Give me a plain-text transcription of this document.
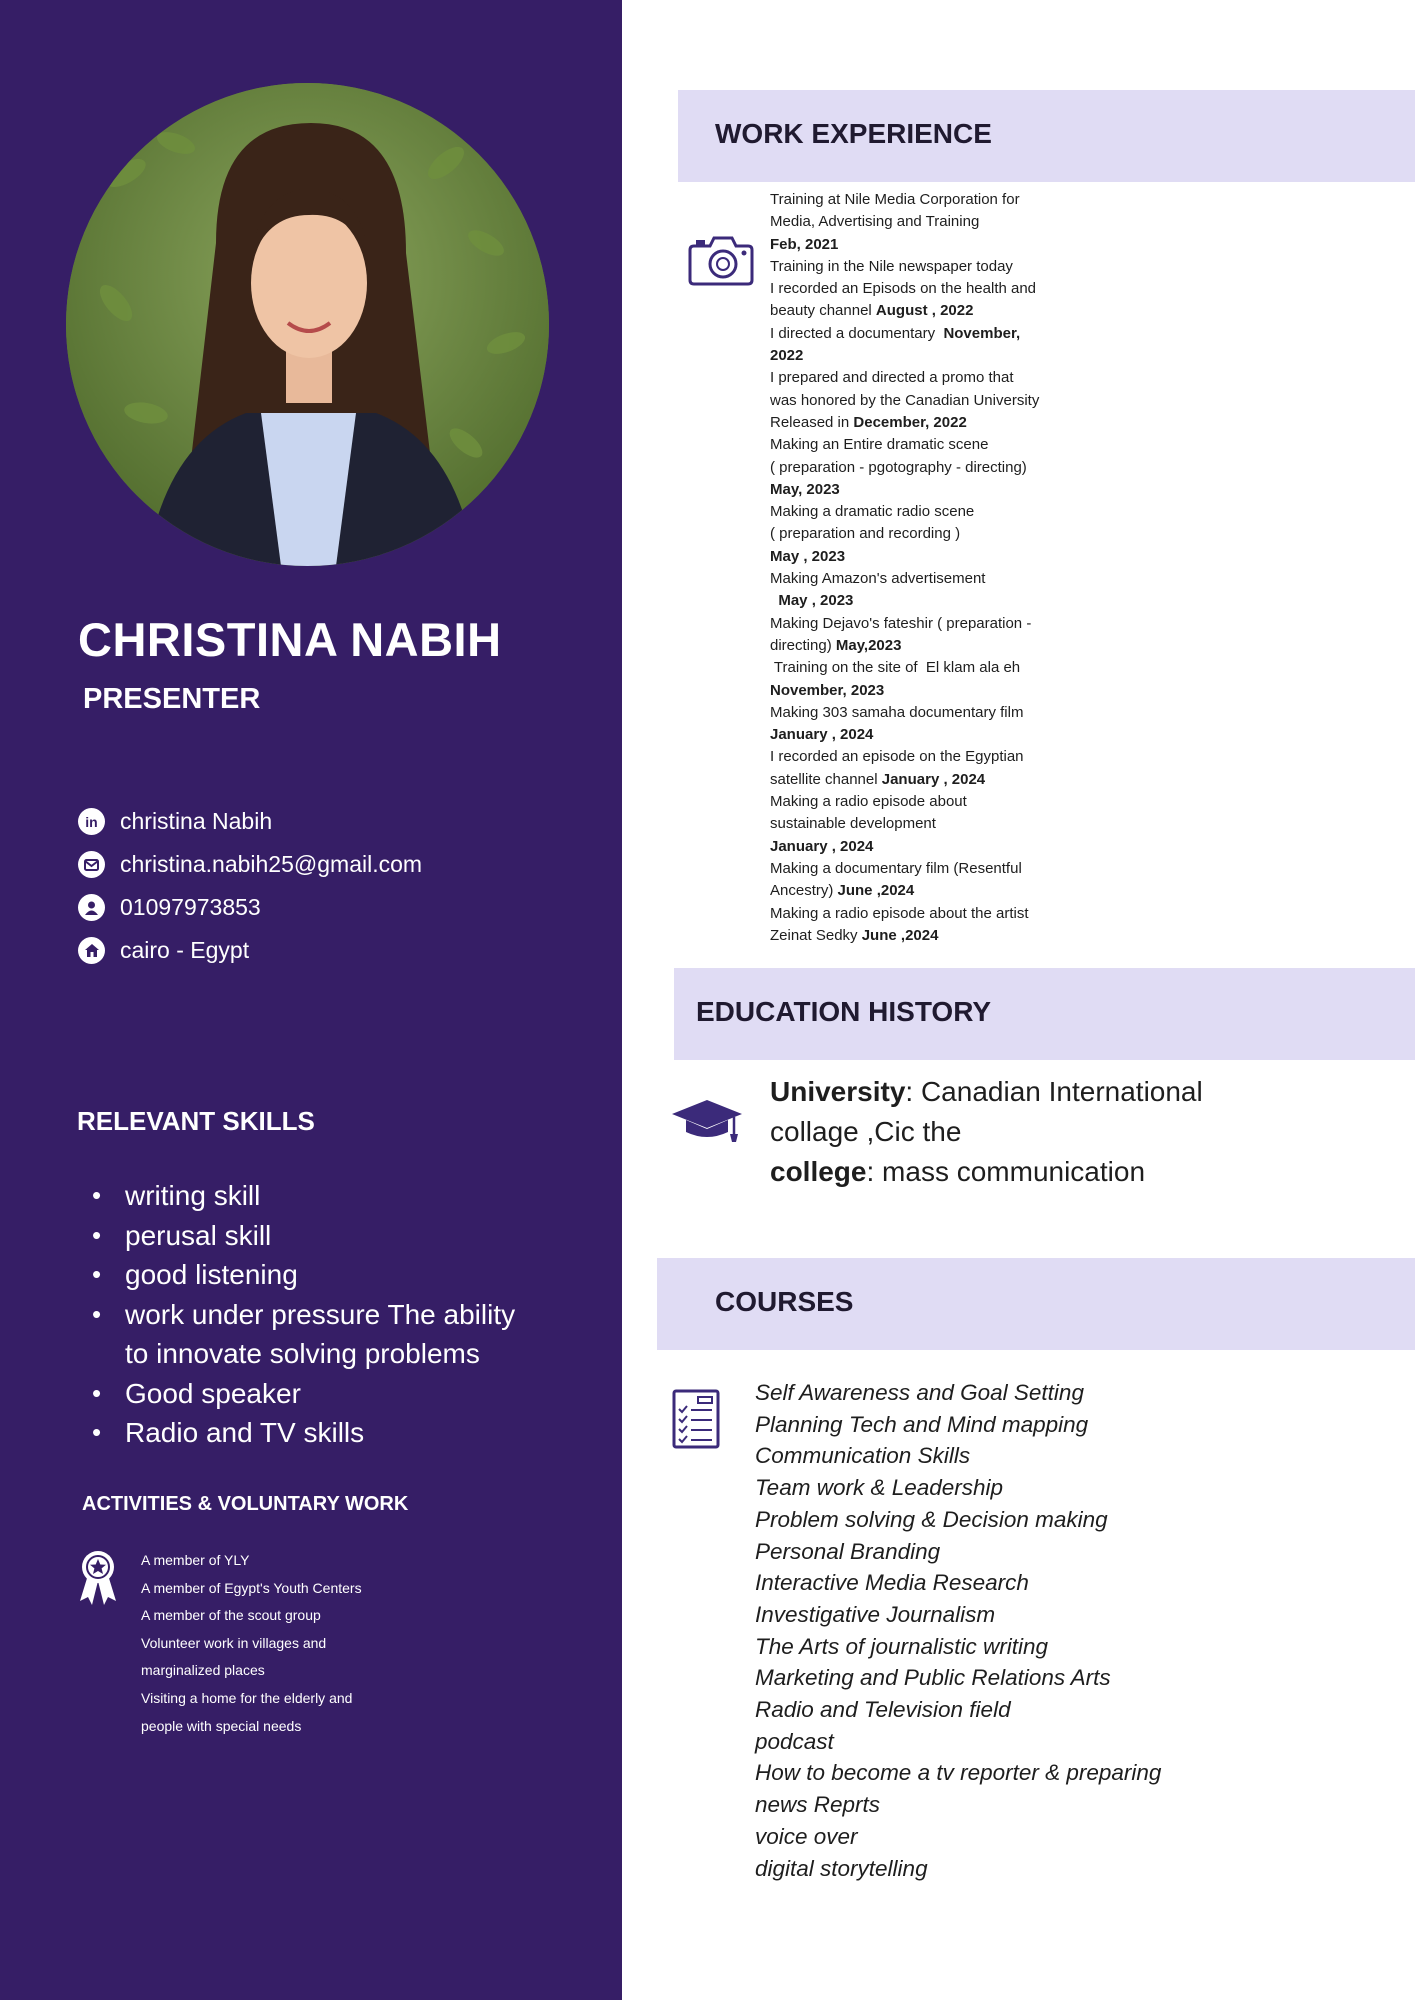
CHRISTINA NABIH
PRESENTER
in christina Nabih
christina.nabih25@gmail.com
01097973853
cairo - Egypt
RELEVANT SKILLS
• writing skill
• perusal skill
• good listening
• work under pressure The ability
to innovate solving problems
• Good speaker
• Radio and TV skills
ACTIVITIES & VOLUNTARY WORK
A member of YLY
A member of Egypt's Youth Centers
A member of the scout group
Volunteer work in villages and
marginalized places
Visiting a home for the elderly and
people with special needs
WORK EXPERIENCE
Training at Nile Media Corporation for
Media, Advertising and Training
Feb, 2021
Training in the Nile newspaper today
I recorded an Episods on the health and
beauty channel August , 2022
I directed a documentary  November,
2022
I prepared and directed a promo that
was honored by the Canadian University
Released in December, 2022
Making an Entire dramatic scene
( preparation - pgotography - directing)
May, 2023
Making a dramatic radio scene
( preparation and recording )
May , 2023
Making Amazon's advertisement
May , 2023
Making Dejavo's fateshir ( preparation -
directing) May,2023
Training on the site of  El klam ala eh
November, 2023
Making 303 samaha documentary film
January , 2024
I recorded an episode on the Egyptian
satellite channel January , 2024
Making a radio episode about
sustainable development
January , 2024
Making a documentary film (Resentful
Ancestry) June ,2024
Making a radio episode about the artist
Zeinat Sedky June ,2024
EDUCATION HISTORY
University: Canadian International
collage ,Cic the
college: mass communication
COURSES
Self Awareness and Goal Setting
Planning Tech and Mind mapping
Communication Skills
Team work & Leadership
Problem solving & Decision making
Personal Branding
Interactive Media Research
Investigative Journalism
The Arts of journalistic writing
Marketing and Public Relations Arts
Radio and Television field
podcast
How to become a tv reporter & preparing
news Reprts
voice over
digital storytelling
